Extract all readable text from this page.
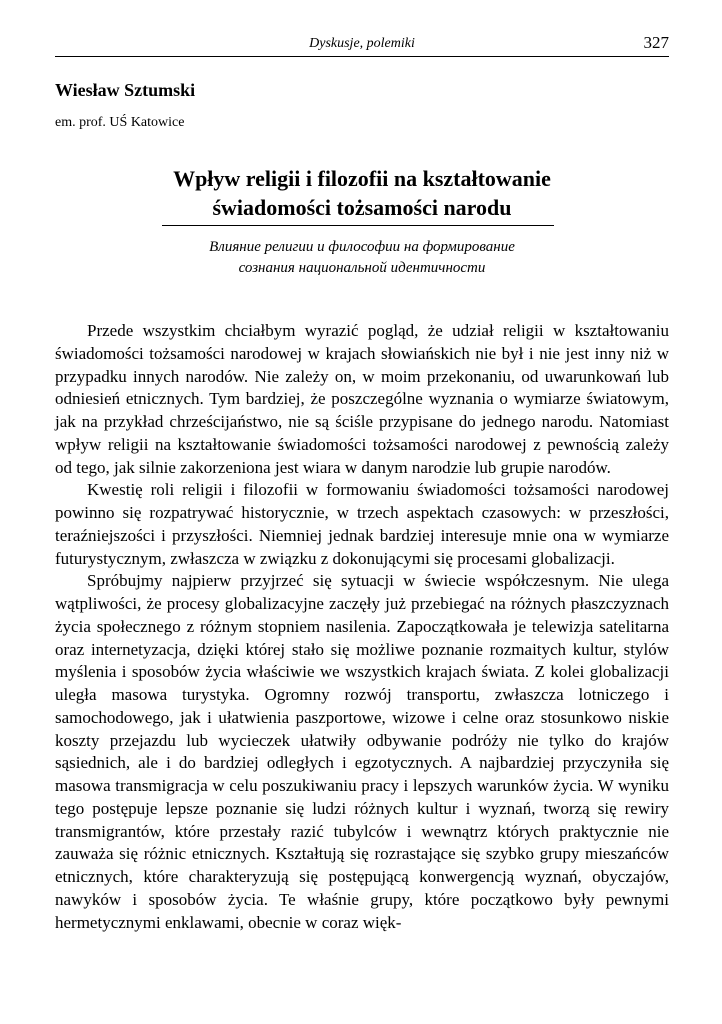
Dyskusje, polemiki	327
Wiesław Sztumski
em. prof. UŚ Katowice
Wpływ religii i filozofii na kształtowanie
świadomości tożsamości narodu
Влияние религии и философии на формирование
сознания национальной идентичности

Przede wszystkim chciałbym wyrazić pogląd, że udział religii w kształtowaniu świadomości tożsamości narodowej w krajach słowiańskich nie był i nie jest inny niż w przypadku innych narodów. Nie zależy on, w moim przekonaniu, od uwarunkowań lub odniesień etnicznych. Tym bardziej, że poszczególne wyznania o wymiarze światowym, jak na przykład chrześcijaństwo, nie są ściśle przypisane do jednego narodu. Natomiast wpływ religii na kształtowanie świadomości tożsamości narodowej z pewnością zależy od tego, jak silnie zakorzeniona jest wiara w danym narodzie lub grupie narodów.

Kwestię roli religii i filozofii w formowaniu świadomości tożsamości narodowej powinno się rozpatrywać historycznie, w trzech aspektach czasowych: w przeszłości, teraźniejszości i przyszłości. Niemniej jednak bardziej interesuje mnie ona w wymiarze futurystycznym, zwłaszcza w związku z dokonującymi się procesami globalizacji.

Spróbujmy najpierw przyjrzeć się sytuacji w świecie współczesnym. Nie ulega wątpliwości, że procesy globalizacyjne zaczęły już przebiegać na różnych płaszczyznach życia społecznego z różnym stopniem nasilenia. Zapoczątkowała je telewizja satelitarna oraz internetyzacja, dzięki której stało się możliwe poznanie rozmaitych kultur, stylów myślenia i sposobów życia właściwie we wszystkich krajach świata. Z kolei globalizacji uległa masowa turystyka. Ogromny rozwój transportu, zwłaszcza lotniczego i samochodowego, jak i ułatwienia paszportowe, wizowe i celne oraz stosunkowo niskie koszty przejazdu lub wycieczek ułatwiły odbywanie podróży nie tylko do krajów sąsiednich, ale i do bardziej odległych i egzotycznych. A najbardziej przyczyniła się masowa transmigracja w celu poszukiwaniu pracy i lepszych warunków życia. W wyniku tego postępuje lepsze poznanie się ludzi różnych kultur i wyznań, tworzą się rewiry transmigrantów, które przestały razić tubylców i wewnątrz których praktycznie nie zauważa się różnic etnicznych. Kształtują się rozrastające się szybko grupy mieszańców etnicznych, które charakteryzują się postępującą konwergencją wyznań, obyczajów, nawyków i sposobów życia. Te właśnie grupy, które początkowo były pewnymi hermetycznymi enklawami, obecnie w coraz więk-
